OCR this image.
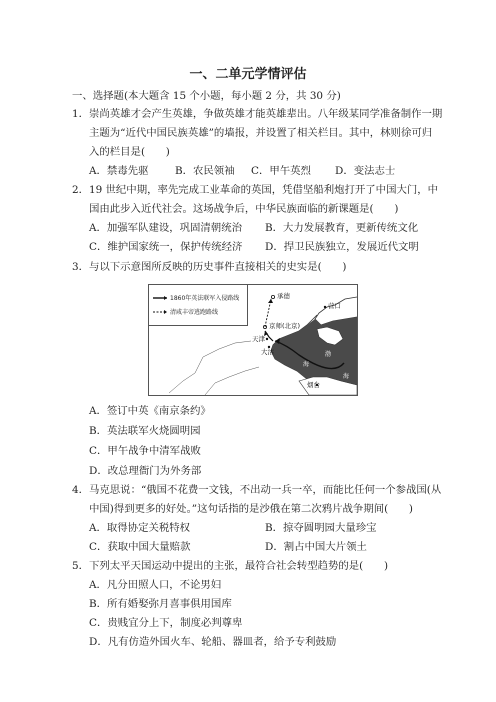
一、二单元学情评估
一、选择题(本大题含 15 个小题，每小题 2 分，共 30 分)
1．崇尚英雄才会产生英雄，争做英雄才能英雄辈出。八年级某同学准备制作一期
主题为“近代中国民族英雄”的墙报，并设置了相关栏目。其中，林则徐可归
入的栏目是(　　)
A．禁毒先驱	B．农民领袖 C．甲午英烈 D．变法志士
2．19 世纪中期，率先完成工业革命的英国，凭借坚船利炮打开了中国大门，中
国由此步入近代社会。这场战争后，中华民族面临的新课题是(　　)
A．加强军队建设，巩固清朝统治 B．大力发展教育，更新传统文化
C．维护国家统一，保护传统经济 D．捍卫民族独立，发展近代文明
3．与以下示意图所反映的历史事件直接相关的史实是(　　)
1860年英法联军入侵路线
清咸丰帝逃跑路线
承德
京师(北京)
营口
天津
大沽
烟台
渤
海
海
A．签订中英《南京条约》
B．英法联军火烧圆明园
C．甲午战争中清军战败
D．改总理衙门为外务部
4．马克思说：“俄国不花费一文钱，不出动一兵一卒，而能比任何一个参战国(从
中国)得到更多的好处。”这句话指的是沙俄在第二次鸦片战争期间(　　)
A．取得协定关税特权	B．掠夺圆明园大量珍宝
C．获取中国大量赔款	D．割占中国大片领土
5．下列太平天国运动中提出的主张，最符合社会转型趋势的是(　　)
A．凡分田照人口，不论男妇
B．所有婚娶弥月喜事俱用国库
C．贵贱宜分上下，制度必判尊卑
D．凡有仿造外国火车、轮船、器皿者，给予专利鼓励
